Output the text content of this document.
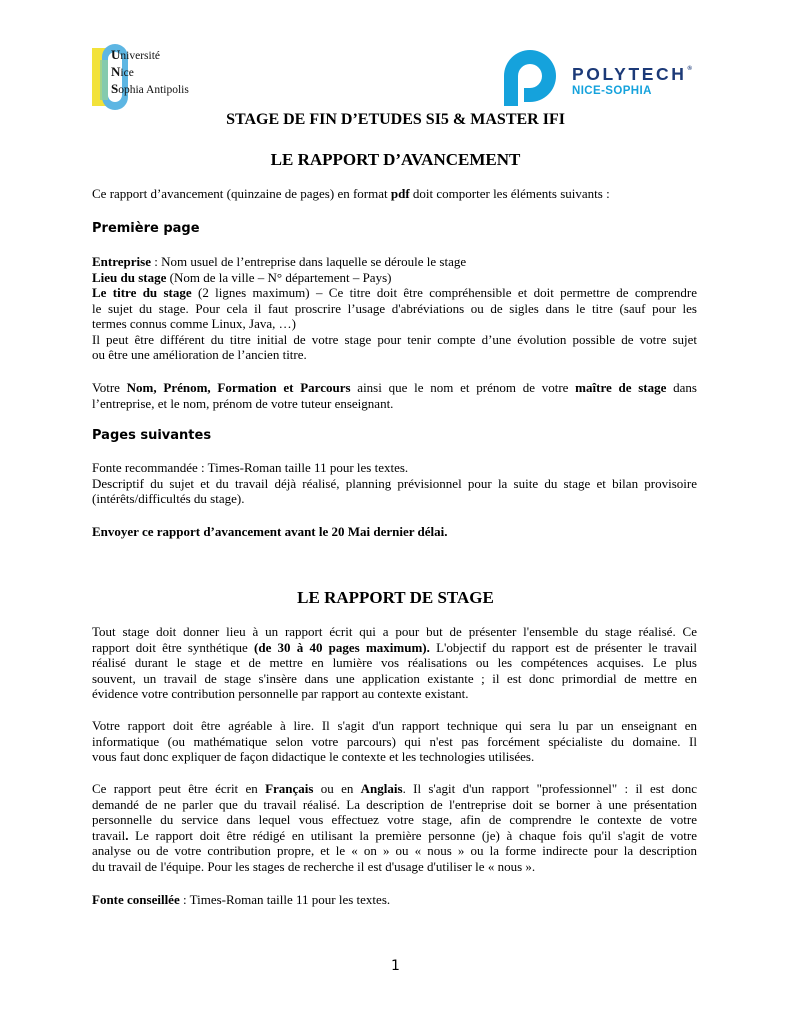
Université
Nice
Sophia Antipolis
POLYTECH®
NICE-SOPHIA
STAGE DE FIN D’ETUDES SI5 & MASTER IFI
LE RAPPORT D’AVANCEMENT
Ce rapport d’avancement (quinzaine de pages) en format pdf doit comporter les éléments suivants :
Première page
Entreprise : Nom usuel de l’entreprise dans laquelle se déroule le stage
Lieu du stage (Nom de la ville – N° département – Pays)
Le titre du stage (2 lignes maximum) – Ce titre doit être compréhensible et doit permettre de comprendre
le sujet du stage. Pour cela il faut proscrire l’usage d'abréviations ou de sigles dans le titre (sauf pour les
termes connus comme Linux, Java, …)
Il peut être différent du titre initial de votre stage pour tenir compte d’une évolution possible de votre sujet
ou être une amélioration de l’ancien titre.
Votre Nom, Prénom, Formation et Parcours ainsi que le nom et prénom de votre maître de stage dans
l’entreprise, et le nom, prénom de votre tuteur enseignant.
Pages suivantes
Fonte recommandée : Times-Roman taille 11 pour les textes.
Descriptif du sujet et du travail déjà réalisé, planning prévisionnel pour la suite du stage et bilan provisoire
(intérêts/difficultés du stage).
Envoyer ce rapport d’avancement avant le 20 Mai dernier délai.
LE RAPPORT DE STAGE
Tout stage doit donner lieu à un rapport écrit qui a pour but de présenter l'ensemble du stage réalisé. Ce
rapport doit être synthétique (de 30 à 40 pages maximum). L'objectif du rapport est de présenter le travail
réalisé durant le stage et de mettre en lumière vos réalisations ou les compétences acquises. Le plus
souvent, un travail de stage s'insère dans une application existante ; il est donc primordial de mettre en
évidence votre contribution personnelle par rapport au contexte existant.
Votre rapport doit être agréable à lire. Il s'agit d'un rapport technique qui sera lu par un enseignant en
informatique (ou mathématique selon votre parcours) qui n'est pas forcément spécialiste du domaine. Il
vous faut donc expliquer de façon didactique le contexte et les technologies utilisées.
Ce rapport peut être écrit en Français ou en Anglais. Il s'agit d'un rapport "professionnel" : il est donc
demandé de ne parler que du travail réalisé. La description de l'entreprise doit se borner à une présentation
personnelle du service dans lequel vous effectuez votre stage, afin de comprendre le contexte de votre
travail. Le rapport doit être rédigé en utilisant la première personne (je) à chaque fois qu'il s'agit de votre
analyse ou de votre contribution propre, et le « on » ou « nous » ou la forme indirecte pour la description
du travail de l'équipe. Pour les stages de recherche il est d'usage d'utiliser le « nous ».
Fonte conseillée : Times-Roman taille 11 pour les textes.
1
